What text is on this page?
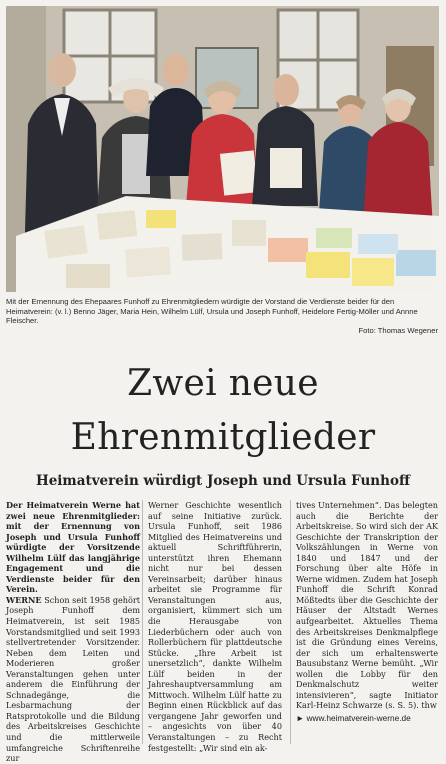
Mit der Ernennung des Ehepaares Funhoff zu Ehrenmitgliedern würdigte der Vorstand die Verdienste beider für den Heimatverein: (v. l.) Benno Jäger, Maria Hein, Wilhelm Lülf, Ursula und Joseph Funhoff, Heidelore Fertig-Möller und Annne Fleischer.
Foto: Thomas Wegener
Zwei neue
Ehrenmitglieder
Heimatverein würdigt Joseph und Ursula Funhoff

Der Heimatverein Werne hat zwei neue Ehrenmitglieder: mit der Ernennung von Joseph und Ursula Funhoff würdigte der Vorsitzende Wilhelm Lülf das langjährige Engagement und die Verdienste beider für den Verein.

WERNE Schon seit 1958 gehört Joseph Funhoff dem Heimatverein, ist seit 1985 Vorstandsmitglied und seit 1993 stellvertretender Vorsitzender. Neben dem Leiten und Moderieren großer Veranstaltungen gehen unter anderem die Einführung der Schnadegänge, die Lesbarmachung der Ratsprotokolle und die Bildung des Arbeitskreises Geschichte und die mittlerweile umfangreiche Schriftenreihe zur

Werner Geschichte wesentlich auf seine Initiative zurück. Ursula Funhoff, seit 1986 Mitglied des Heimatvereins und aktuell Schriftführerin, unterstützt ihren Ehemann nicht nur bei dessen Vereinsarbeit; darüber hinaus arbeitet sie Programme für Veranstaltungen aus, organisiert, kümmert sich um die Herausgabe von Liederbüchern oder auch von Rollerbüchern für plattdeutsche Stücke. „Ihre Arbeit ist unersetzlich“, dankte Wilhelm Lülf beiden in der Jahreshauptversammlung am Mittwoch. Wilhelm Lülf hatte zu Beginn einen Rückblick auf das vergangene Jahr geworfen und – angesichts von über 40 Veranstaltungen – zu Recht festgestellt: „Wir sind ein ak-

tives Unternehmen“. Das belegten auch die Berichte der Arbeitskreise. So wird sich der AK Geschichte der Transkription der Volkszählungen in Werne von 1840 und 1847 und der Forschung über alte Höfe in Werne widmen. Zudem hat Joseph Funhoff die Schrift Konrad Mößtedts über die Geschichte der Häuser der Altstadt Wernes aufgearbeitet. Aktuelles Thema des Arbeitskreises Denkmalpflege ist die Gründung eines Vereins, der sich um erhaltenswerte Bausubstanz Werne bemüht. „Wir wollen die Lobby für den Denkmalschutz weiter intensivieren“, sagte Initiator Karl-Heinz Schwarze (s. S. 5). thw

► www.heimatverein-werne.de
